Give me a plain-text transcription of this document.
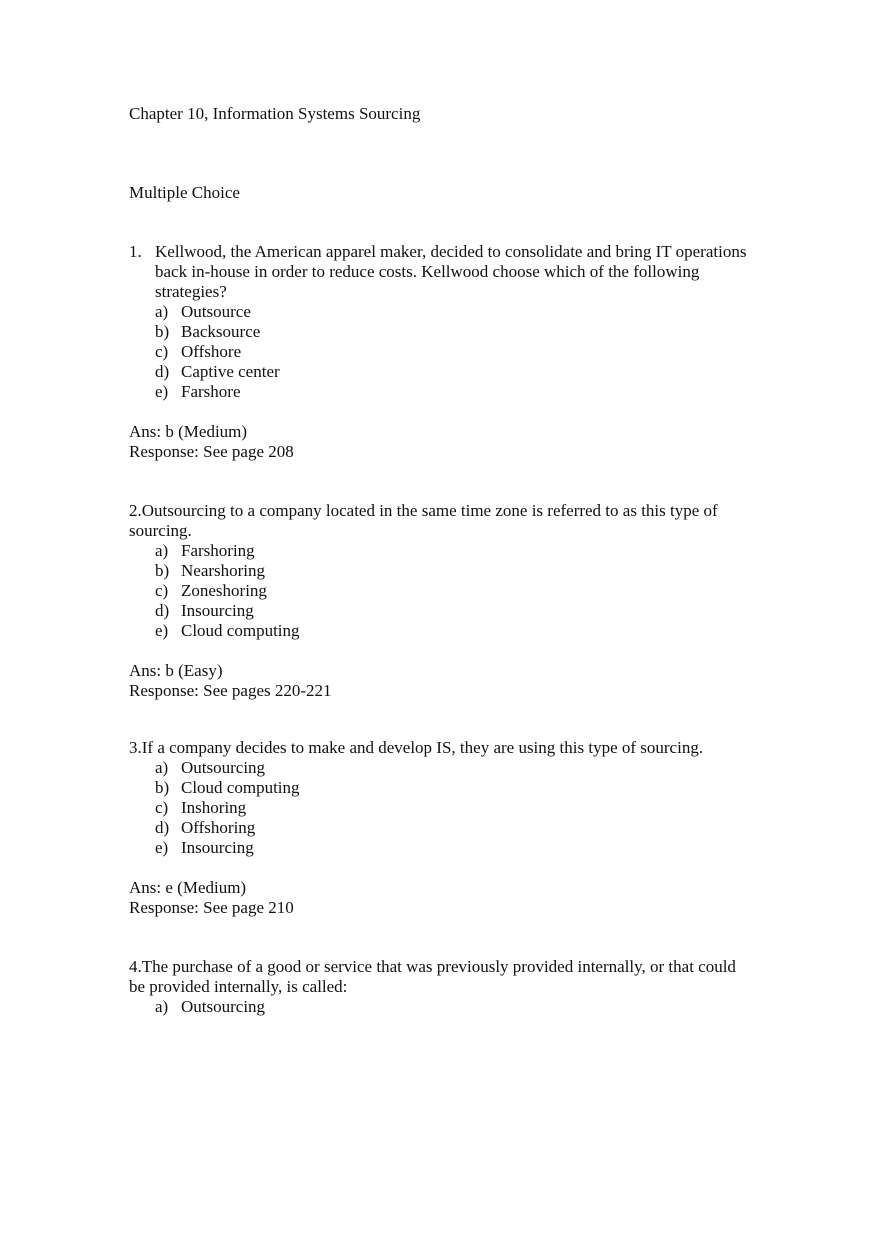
Chapter 10, Information Systems Sourcing
Multiple Choice
1. Kellwood, the American apparel maker, decided to consolidate and bring IT operations back in-house in order to reduce costs. Kellwood choose which of the following strategies?

a) Outsource
b) Backsource
c) Offshore
d) Captive center
e) Farshore
Ans: b (Medium)
Response: See page 208

2.Outsourcing to a company located in the same time zone is referred to as this type of sourcing.

a) Farshoring
b) Nearshoring
c) Zoneshoring
d) Insourcing
e) Cloud computing
Ans: b (Easy)
Response: See pages 220-221

3.If a company decides to make and develop IS, they are using this type of sourcing.

a) Outsourcing
b) Cloud computing
c) Inshoring
d) Offshoring
e) Insourcing
Ans: e (Medium)
Response: See page 210

4.The purchase of a good or service that was previously provided internally, or that could be provided internally, is called:

a) Outsourcing
